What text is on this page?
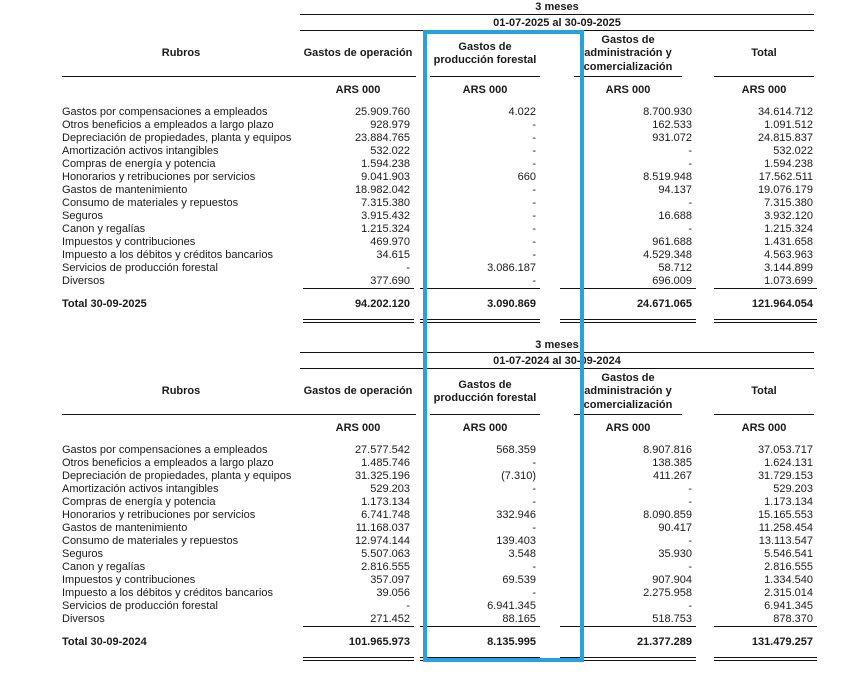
	3 meses			

	01-07-2025 al 30-09-2025			

Rubros	Gastos de operación	Gastos de producción forestal	Gastos de administración y comercialización	Total

	ARS 000	ARS 000	ARS 000	ARS 000

Gastos por compensaciones a empleados	25.909.760	4.022	8.700.930	34.614.712
Otros beneficios a empleados a largo plazo	928.979	-	162.533	1.091.512
Depreciación de propiedades, planta y equipos	23.884.765	-	931.072	24.815.837
Amortización activos intangibles	532.022	-	-	532.022
Compras de energía y potencia	1.594.238	-	-	1.594.238
Honorarios y retribuciones por servicios	9.041.903	660	8.519.948	17.562.511
Gastos de mantenimiento	18.982.042	-	94.137	19.076.179
Consumo de materiales y repuestos	7.315.380	-	-	7.315.380
Seguros	3.915.432	-	16.688	3.932.120
Canon y regalías	1.215.324	-	-	1.215.324
Impuestos y contribuciones	469.970	-	961.688	1.431.658
Impuesto a los débitos y créditos bancarios	34.615	-	4.529.348	4.563.963
Servicios de producción forestal	-	3.086.187	58.712	3.144.899
Diversos	377.690	-	696.009	1.073.699

Total 30-09-2025	94.202.120	3.090.869	24.671.065	121.964.054

	3 meses			

	01-07-2024 al 30-09-2024			

Rubros	Gastos de operación	Gastos de producción forestal	Gastos de administración y comercialización	Total

	ARS 000	ARS 000	ARS 000	ARS 000

Gastos por compensaciones a empleados	27.577.542	568.359	8.907.816	37.053.717
Otros beneficios a empleados a largo plazo	1.485.746	-	138.385	1.624.131
Depreciación de propiedades, planta y equipos	31.325.196	(7.310)	411.267	31.729.153
Amortización activos intangibles	529.203	-	-	529.203
Compras de energía y potencia	1.173.134	-	-	1.173.134
Honorarios y retribuciones por servicios	6.741.748	332.946	8.090.859	15.165.553
Gastos de mantenimiento	11.168.037	-	90.417	11.258.454
Consumo de materiales y repuestos	12.974.144	139.403	-	13.113.547
Seguros	5.507.063	3.548	35.930	5.546.541
Canon y regalías	2.816.555	-	-	2.816.555
Impuestos y contribuciones	357.097	69.539	907.904	1.334.540
Impuesto a los débitos y créditos bancarios	39.056	-	2.275.958	2.315.014
Servicios de producción forestal	-	6.941.345	-	6.941.345
Diversos	271.452	88.165	518.753	878.370

Total 30-09-2024	101.965.973	8.135.995	21.377.289	131.479.257
